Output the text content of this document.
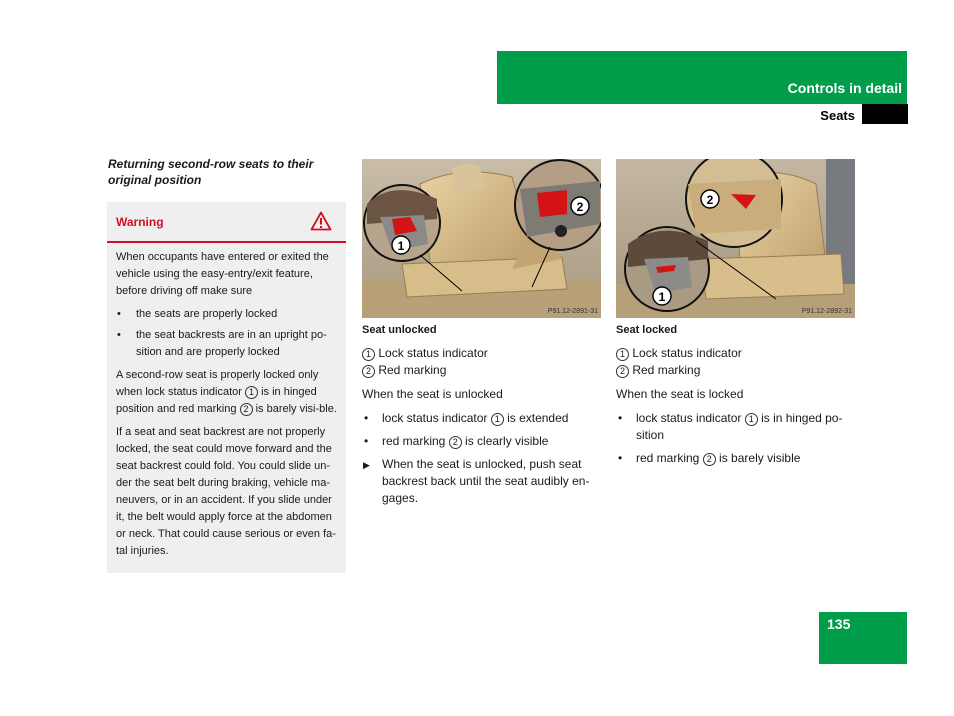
Controls in detail
Seats
Returning second-row seats to their original position
Warning

When occupants have entered or exited the vehicle using the easy-entry/exit feature, before driving off make sure

• the seats are properly locked
• the seat backrests are in an upright po-sition and are properly locked

A second-row seat is properly locked only when lock status indicator 1 is in hinged position and red marking 2 is barely visi-ble.

If a seat and seat backrest are not properly locked, the seat could move forward and the seat backrest could fold. You could slide un-der the seat belt during braking, vehicle ma-neuvers, or in an accident. If you slide under it, the belt would apply force at the abdomen or neck. That could cause serious or even fa-tal injuries.

1
2
P91.12-2891-31
Seat unlocked
1 Lock status indicator
2 Red marking
When the seat is unlocked
• lock status indicator 1 is extended
• red marking 2 is clearly visible
▶ When the seat is unlocked, push seat backrest back until the seat audibly en-gages.
2
1
P91.12-2892-31
Seat locked
1 Lock status indicator
2 Red marking
When the seat is locked
• lock status indicator 1 is in hinged po-sition
• red marking 2 is barely visible
135
